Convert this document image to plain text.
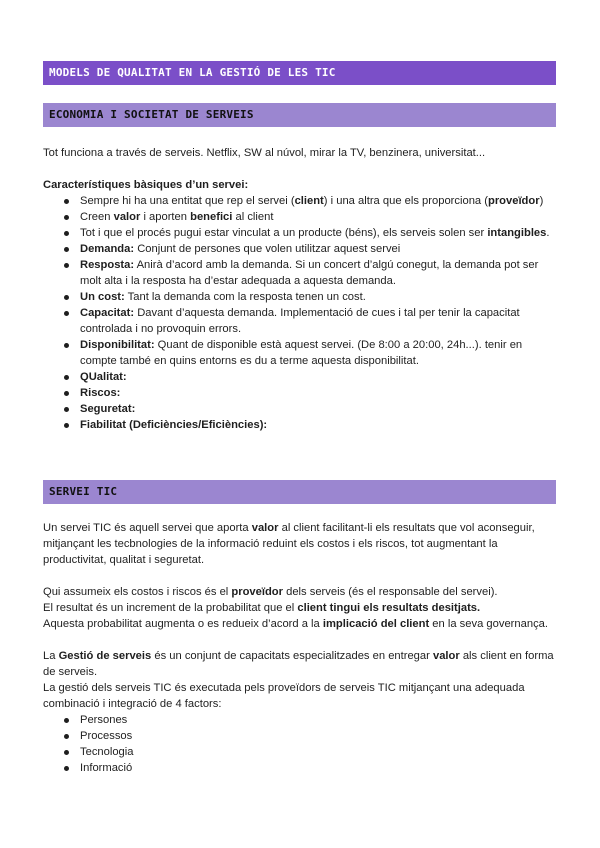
MODELS DE QUALITAT EN LA GESTIÓ DE LES TIC
ECONOMIA I SOCIETAT DE SERVEIS

Tot funciona a través de serveis. Netflix, SW al núvol, mirar la TV, benzinera, universitat...

Característiques bàsiques d’un servei:

Sempre hi ha una entitat que rep el servei (client) i una altra que els proporciona (proveïdor)
Creen valor i aporten benefici al client
Tot i que el procés pugui estar vinculat a un producte (béns), els serveis solen ser intangibles.
Demanda: Conjunt de persones que volen utilitzar aquest servei
Resposta: Anirà d’acord amb la demanda. Si un concert d’algú conegut, la demanda pot ser molt alta i la resposta ha d’estar adequada a aquesta demanda.
Un cost: Tant la demanda com la resposta tenen un cost.
Capacitat: Davant d’aquesta demanda. Implementació de cues i tal per tenir la capacitat controlada i no provoquin errors.
Disponibilitat: Quant de disponible està aquest servei. (De 8:00 a 20:00, 24h...). tenir en compte també en quins entorns es du a terme aquesta disponibilitat.
QUalitat:
Riscos:
Seguretat:
Fiabilitat (Deficiències/Eficiències):
SERVEI TIC

Un servei TIC és aquell servei que aporta valor al client facilitant-li els resultats que vol aconseguir, mitjançant les tecbnologies de la informació reduint els costos i els riscos, tot augmentant la productivitat, qualitat i seguretat.

Qui assumeix els costos i riscos és el proveïdor dels serveis (és el responsable del servei).

El resultat és un increment de la probabilitat que el client tingui els resultats desitjats.

Aquesta probabilitat augmenta o es redueix d’acord a la implicació del client en la seva governança.

La Gestió de serveis és un conjunt de capacitats especialitzades en entregar valor als client en forma de serveis.

La gestió dels serveis TIC és executada pels proveïdors de serveis TIC mitjançant una adequada combinació i integració de 4 factors:

Persones
Processos
Tecnologia
Informació
